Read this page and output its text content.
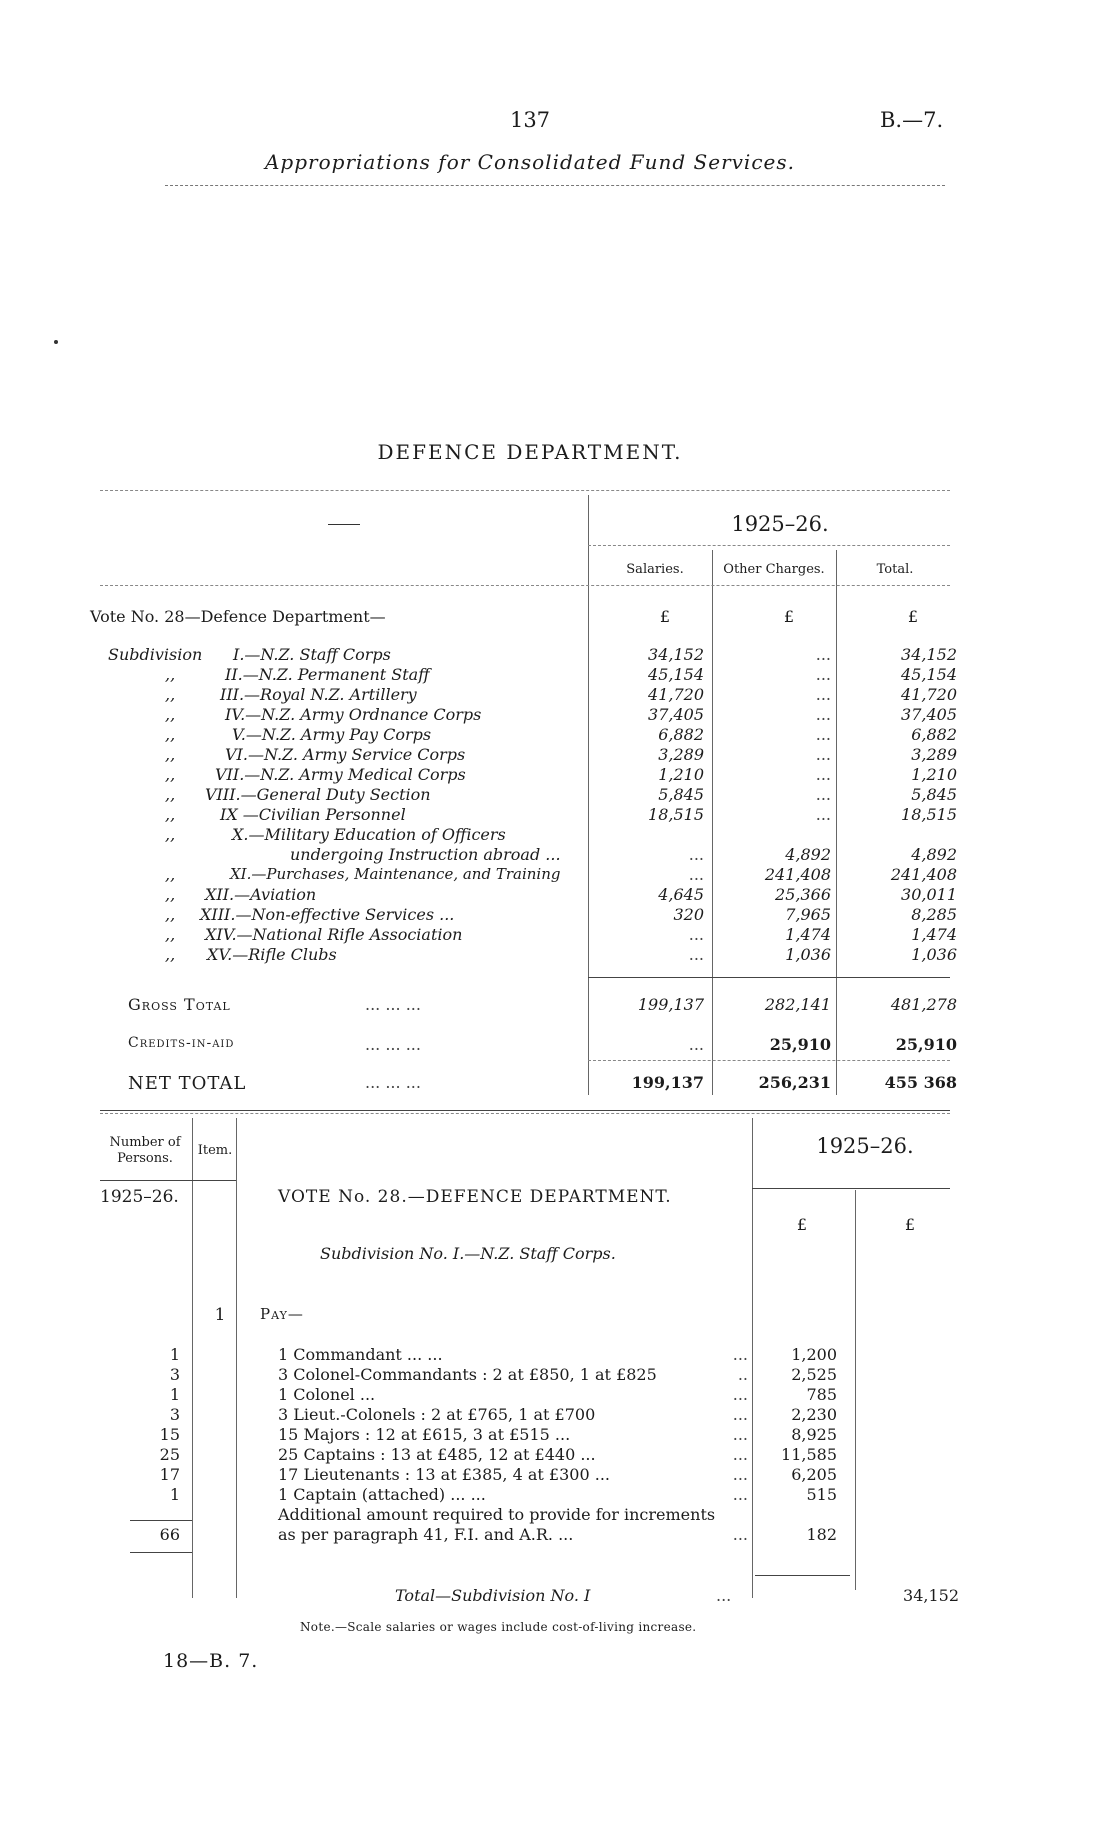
137	B.—7.
Appropriations for Consolidated Fund Services.
DEFENCE DEPARTMENT.
1925–26.
Salaries.	Other Charges.	Total.
Vote No. 28—Defence Department—	£	£	£
Subdivision I.—N.Z. Staff Corps	34,152	...	34,152
,,	II.—N.Z. Permanent Staff	45,154	...	45,154
,,	III.—Royal N.Z. Artillery	41,720	...	41,720
,,	IV.—N.Z. Army Ordnance Corps	37,405	...	37,405
,,	V.—N.Z. Army Pay Corps	6,882	...	6,882
,,	VI.—N.Z. Army Service Corps	3,289	...	3,289
,, VII.—N.Z. Army Medical Corps	1,210	...	1,210
,, VIII.—General Duty Section	5,845	...	5,845
,,	IX —Civilian Personnel	18,515	...	18,515
,,	X.—Military Education of Officers
undergoing Instruction abroad ...	...	4,892	4,892
,,	XI.—Purchases, Maintenance, and Training	...	241,408	241,408
,, XII.—Aviation	4,645	25,366	30,011
,, XIII.—Non-effective Services ...	320	7,965	8,285
,, XIV.—National Rifle Association	...	1,474	1,474
,, XV.—Rifle Clubs	...	1,036	1,036
Gross Total	... ... ...	199,137	282,141	481,278
Credits-in-aid	... ... ...	...	25,910	25,910
NET TOTAL	... ... ...	199,137	256,231	455 368
Number of Persons.
Item.	1925–26.
1925–26.	VOTE No. 28.—DEFENCE DEPARTMENT.
£	£
Subdivision No. I.—N.Z. Staff Corps.
1	Pay—
1	1 Commandant ... ...	...	1,200
3	3 Colonel-Commandants : 2 at £850, 1 at £825	..	2,525
1	1 Colonel ...	...	785
3	3 Lieut.-Colonels : 2 at £765, 1 at £700	...	2,230
15	15 Majors : 12 at £615, 3 at £515 ...	...	8,925
25	25 Captains : 13 at £485, 12 at £440 ...	... 11,585
17	17 Lieutenants : 13 at £385, 4 at £300 ...	...	6,205
1	1 Captain (attached) ... ...	...	515
Additional amount required to provide for increments
66	as per paragraph 41, F.I. and A.R. ...	...	182
Total—Subdivision No. I	...	34,152
Note.—Scale salaries or wages include cost-of-living increase.
18—B. 7.
